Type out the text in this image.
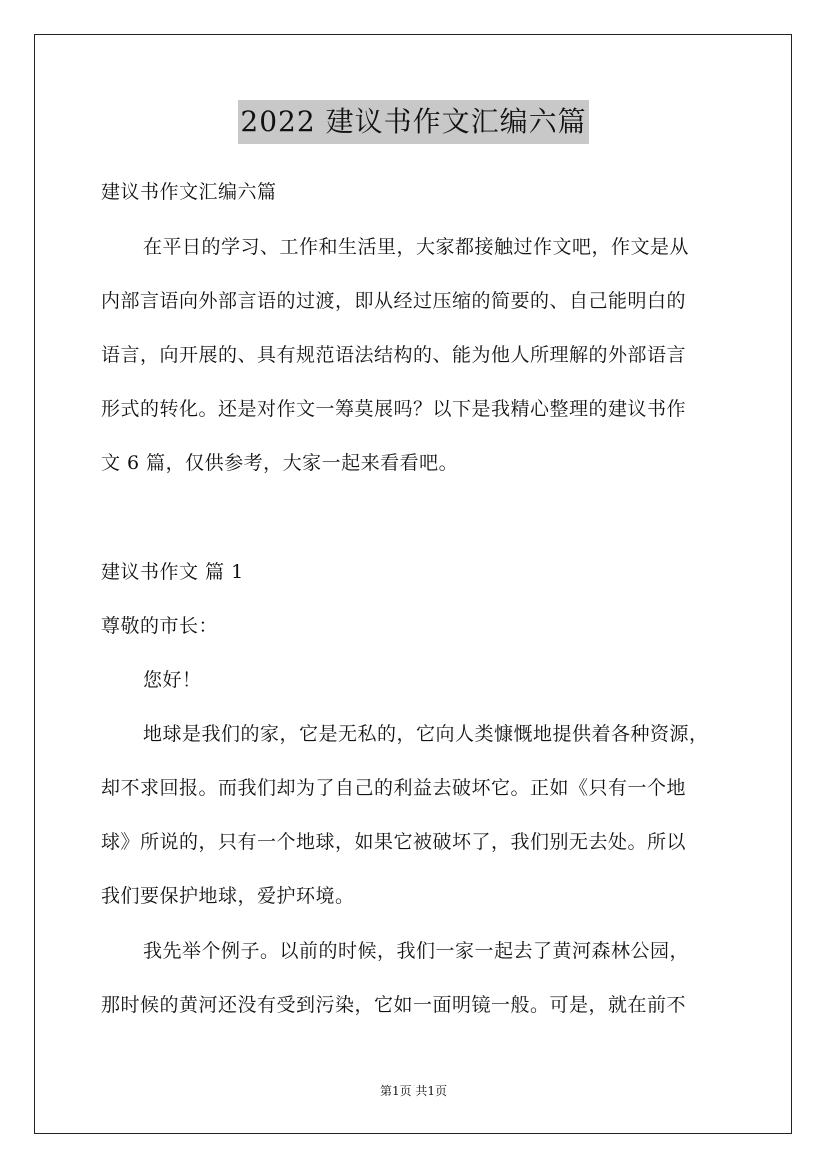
2022 建议书作文汇编六篇
建议书作文汇编六篇
在平日的学习、工作和生活里，大家都接触过作文吧，作文是从
内部言语向外部言语的过渡，即从经过压缩的简要的、自己能明白的
语言，向开展的、具有规范语法结构的、能为他人所理解的外部语言
形式的转化。还是对作文一筹莫展吗？以下是我精心整理的建议书作
文 6 篇，仅供参考，大家一起来看看吧。
建议书作文 篇 1
尊敬的市长：
您好！
地球是我们的家，它是无私的，它向人类慷慨地提供着各种资源，
却不求回报。而我们却为了自己的利益去破坏它。正如《只有一个地
球》所说的，只有一个地球，如果它被破坏了，我们别无去处。所以
我们要保护地球，爱护环境。
我先举个例子。以前的时候，我们一家一起去了黄河森林公园，
那时候的黄河还没有受到污染，它如一面明镜一般。可是，就在前不
第1页 共1页
